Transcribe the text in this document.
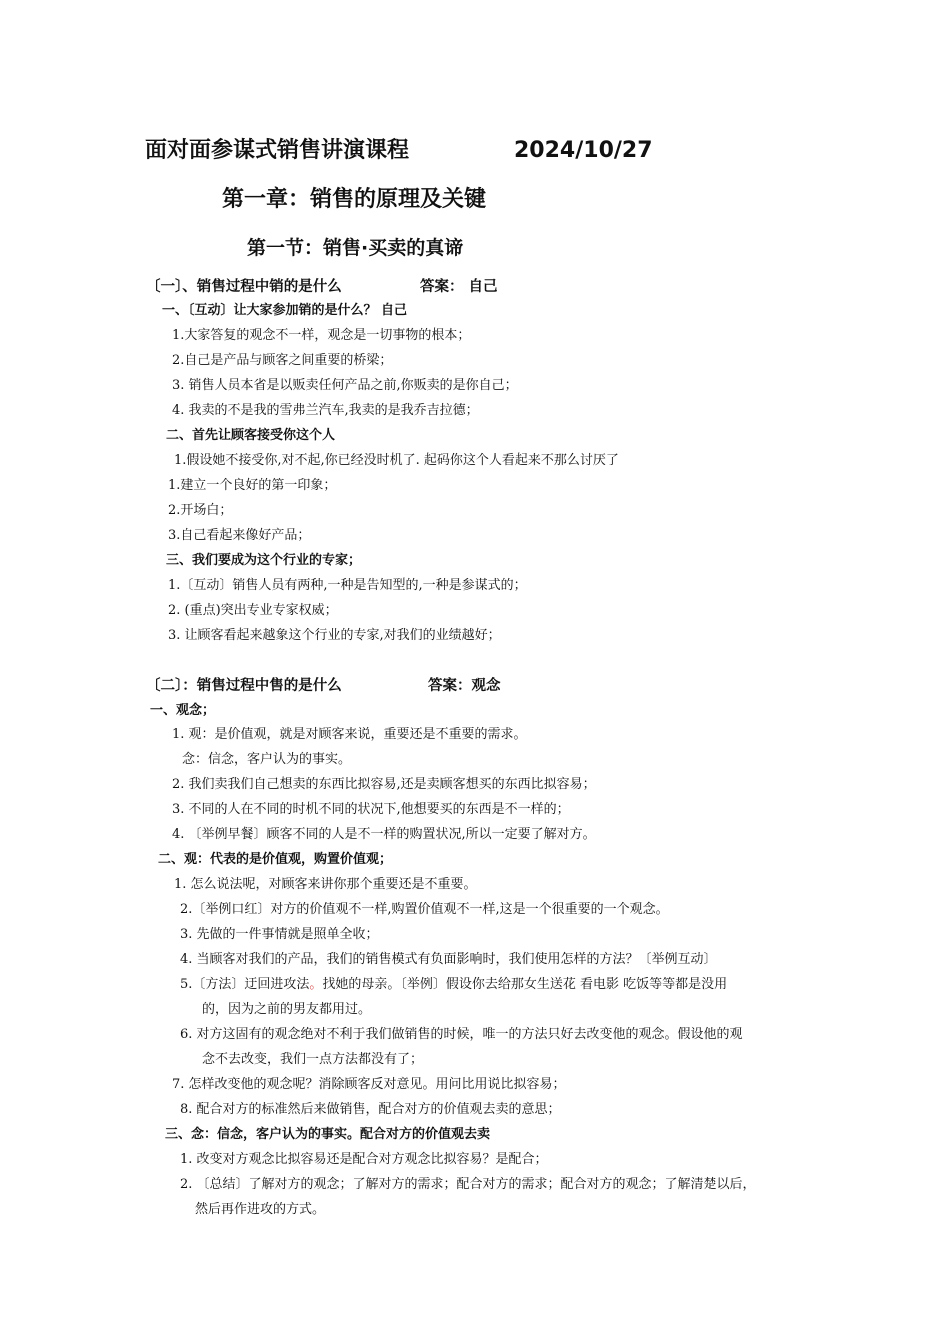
面对面参谋式销售讲演课程	2024/10/27
第一章：销售的原理及关键
第一节：销售·买卖的真谛
〔一〕、销售过程中销的是什么	答案： 自己
一、〔互动〕让大家参加销的是什么？ 自己
1.大家答复的观念不一样，观念是一切事物的根本；
2.自己是产品与顾客之间重要的桥梁；
3. 销售人员本省是以贩卖任何产品之前,你贩卖的是你自己；
4. 我卖的不是我的雪弗兰汽车,我卖的是我乔吉拉德；
二、首先让顾客接受你这个人
1.假设她不接受你,对不起,你已经没时机了. 起码你这个人看起来不那么讨厌了
1.建立一个良好的第一印象；
2.开场白；
3.自己看起来像好产品；
三、我们要成为这个行业的专家；
1.〔互动〕销售人员有两种,一种是告知型的,一种是参谋式的；
2. (重点)突出专业专家权威；
3. 让顾客看起来越象这个行业的专家,对我们的业绩越好；
〔二〕：销售过程中售的是什么	答案：观念
一、观念；
1. 观：是价值观，就是对顾客来说，重要还是不重要的需求。
念：信念，客户认为的事实。
2. 我们卖我们自己想卖的东西比拟容易,还是卖顾客想买的东西比拟容易；
3. 不同的人在不同的时机不同的状况下,他想要买的东西是不一样的；
4. 〔举例早餐〕顾客不同的人是不一样的购置状况,所以一定要了解对方。
二、观：代表的是价值观，购置价值观；
1. 怎么说法呢，对顾客来讲你那个重要还是不重要。
2.〔举例口红〕对方的价值观不一样,购置价值观不一样,这是一个很重要的一个观念。
3. 先做的一件事情就是照单全收；
4. 当顾客对我们的产品，我们的销售模式有负面影响时，我们使用怎样的方法？〔举例互动〕
5.〔方法〕迂回进攻法。找她的母亲。〔举例〕假设你去给那女生送花 看电影 吃饭等等都是没用
的，因为之前的男友都用过。
6. 对方这固有的观念绝对不利于我们做销售的时候，唯一的方法只好去改变他的观念。假设他的观
念不去改变，我们一点方法都没有了；
7. 怎样改变他的观念呢？消除顾客反对意见。用问比用说比拟容易；
8. 配合对方的标准然后来做销售，配合对方的价值观去卖的意思；
三、念：信念，客户认为的事实。配合对方的价值观去卖
1. 改变对方观念比拟容易还是配合对方观念比拟容易？是配合；
2. 〔总结〕了解对方的观念；了解对方的需求；配合对方的需求；配合对方的观念；了解清楚以后，
然后再作进攻的方式。
